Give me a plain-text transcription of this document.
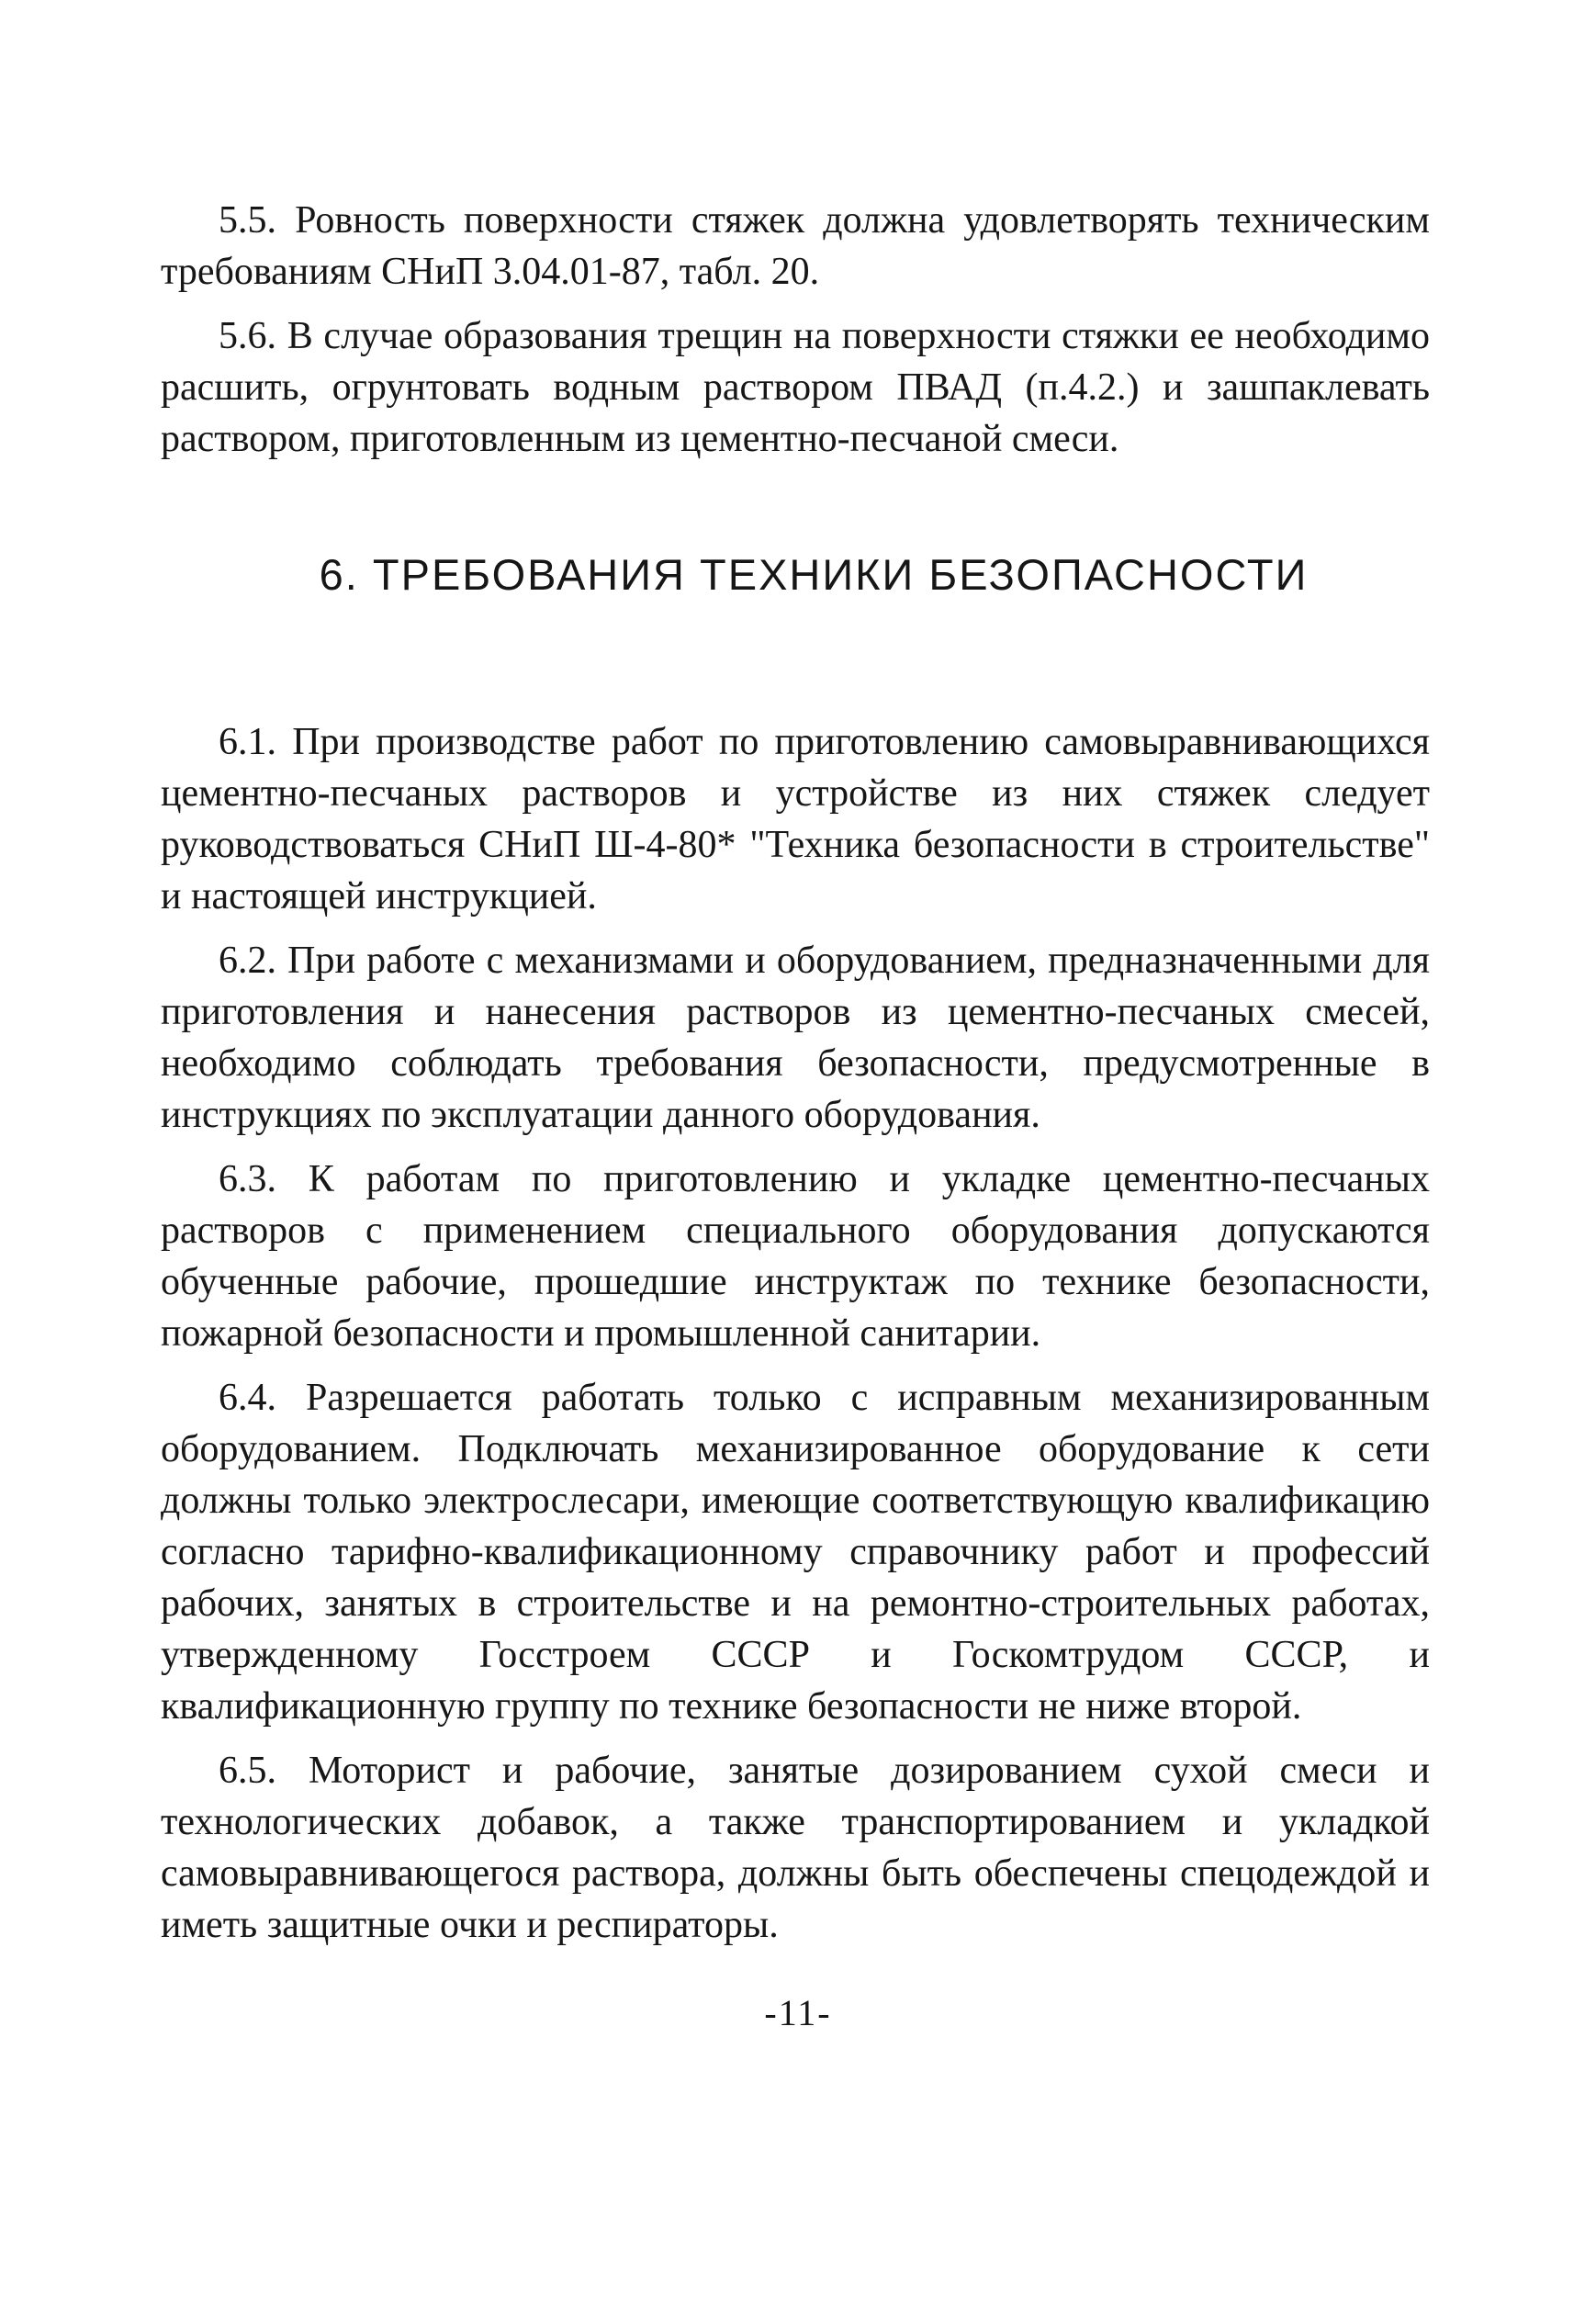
5.5. Ровность поверхности стяжек должна удовлетворять техническим требованиям СНиП 3.04.01-87, табл. 20.

5.6. В случае образования трещин на поверхности стяжки ее необходимо расшить, огрунтовать водным раствором ПВАД (п.4.2.) и зашпаклевать раствором, приготовленным из цементно-песчаной смеси.

6. ТРЕБОВАНИЯ ТЕХНИКИ БЕЗОПАСНОСТИ

6.1. При производстве работ по приготовлению самовыравнивающихся цементно-песчаных растворов и устройстве из них стяжек следует руководствоваться СНиП Ш-4-80* "Техника безопасности в строительстве" и настоящей инструкцией.

6.2. При работе с механизмами и оборудованием, предназначенными для приготовления и нанесения растворов из цементно-песчаных смесей, необходимо соблюдать требования безопасности, предусмотренные в инструкциях по эксплуатации данного оборудования.

6.3. К работам по приготовлению и укладке цементно-песчаных растворов с применением специального оборудования допускаются обученные рабочие, прошедшие инструктаж по технике безопасности, пожарной безопасности и промышленной санитарии.

6.4. Разрешается работать только с исправным механизированным оборудованием. Подключать механизированное оборудование к сети должны только электрослесари, имеющие соответствующую квалификацию согласно тарифно-квалификационному справочнику работ и профессий рабочих, занятых в строительстве и на ремонтно-строительных работах, утвержденному Госстроем СССР и Госкомтрудом СССР, и квалификационную группу по технике безопасности не ниже второй.

6.5. Моторист и рабочие, занятые дозированием сухой смеси и технологических добавок, а также транспортированием и укладкой самовыравнивающегося раствора, должны быть обеспечены спецодеждой и иметь защитные очки и респираторы.

-11-
